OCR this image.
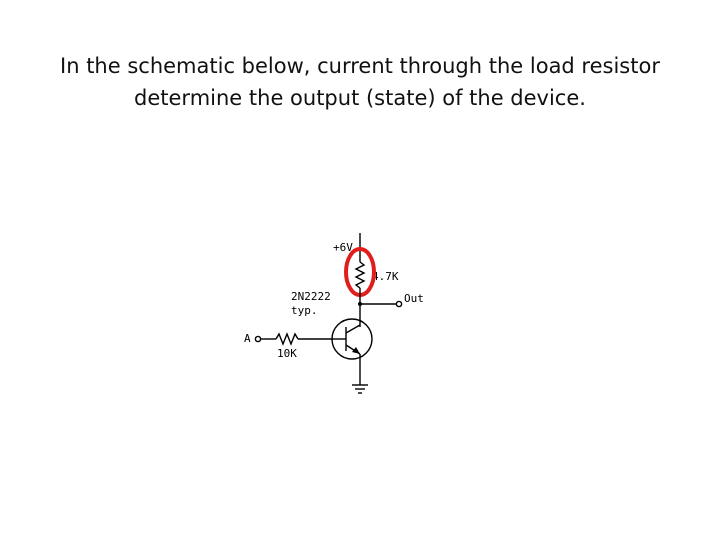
In the schematic below, current through the load resistor
determine the output (state) of the device.
+6V
4.7K
Out
2N2222
typ.
A
10K
